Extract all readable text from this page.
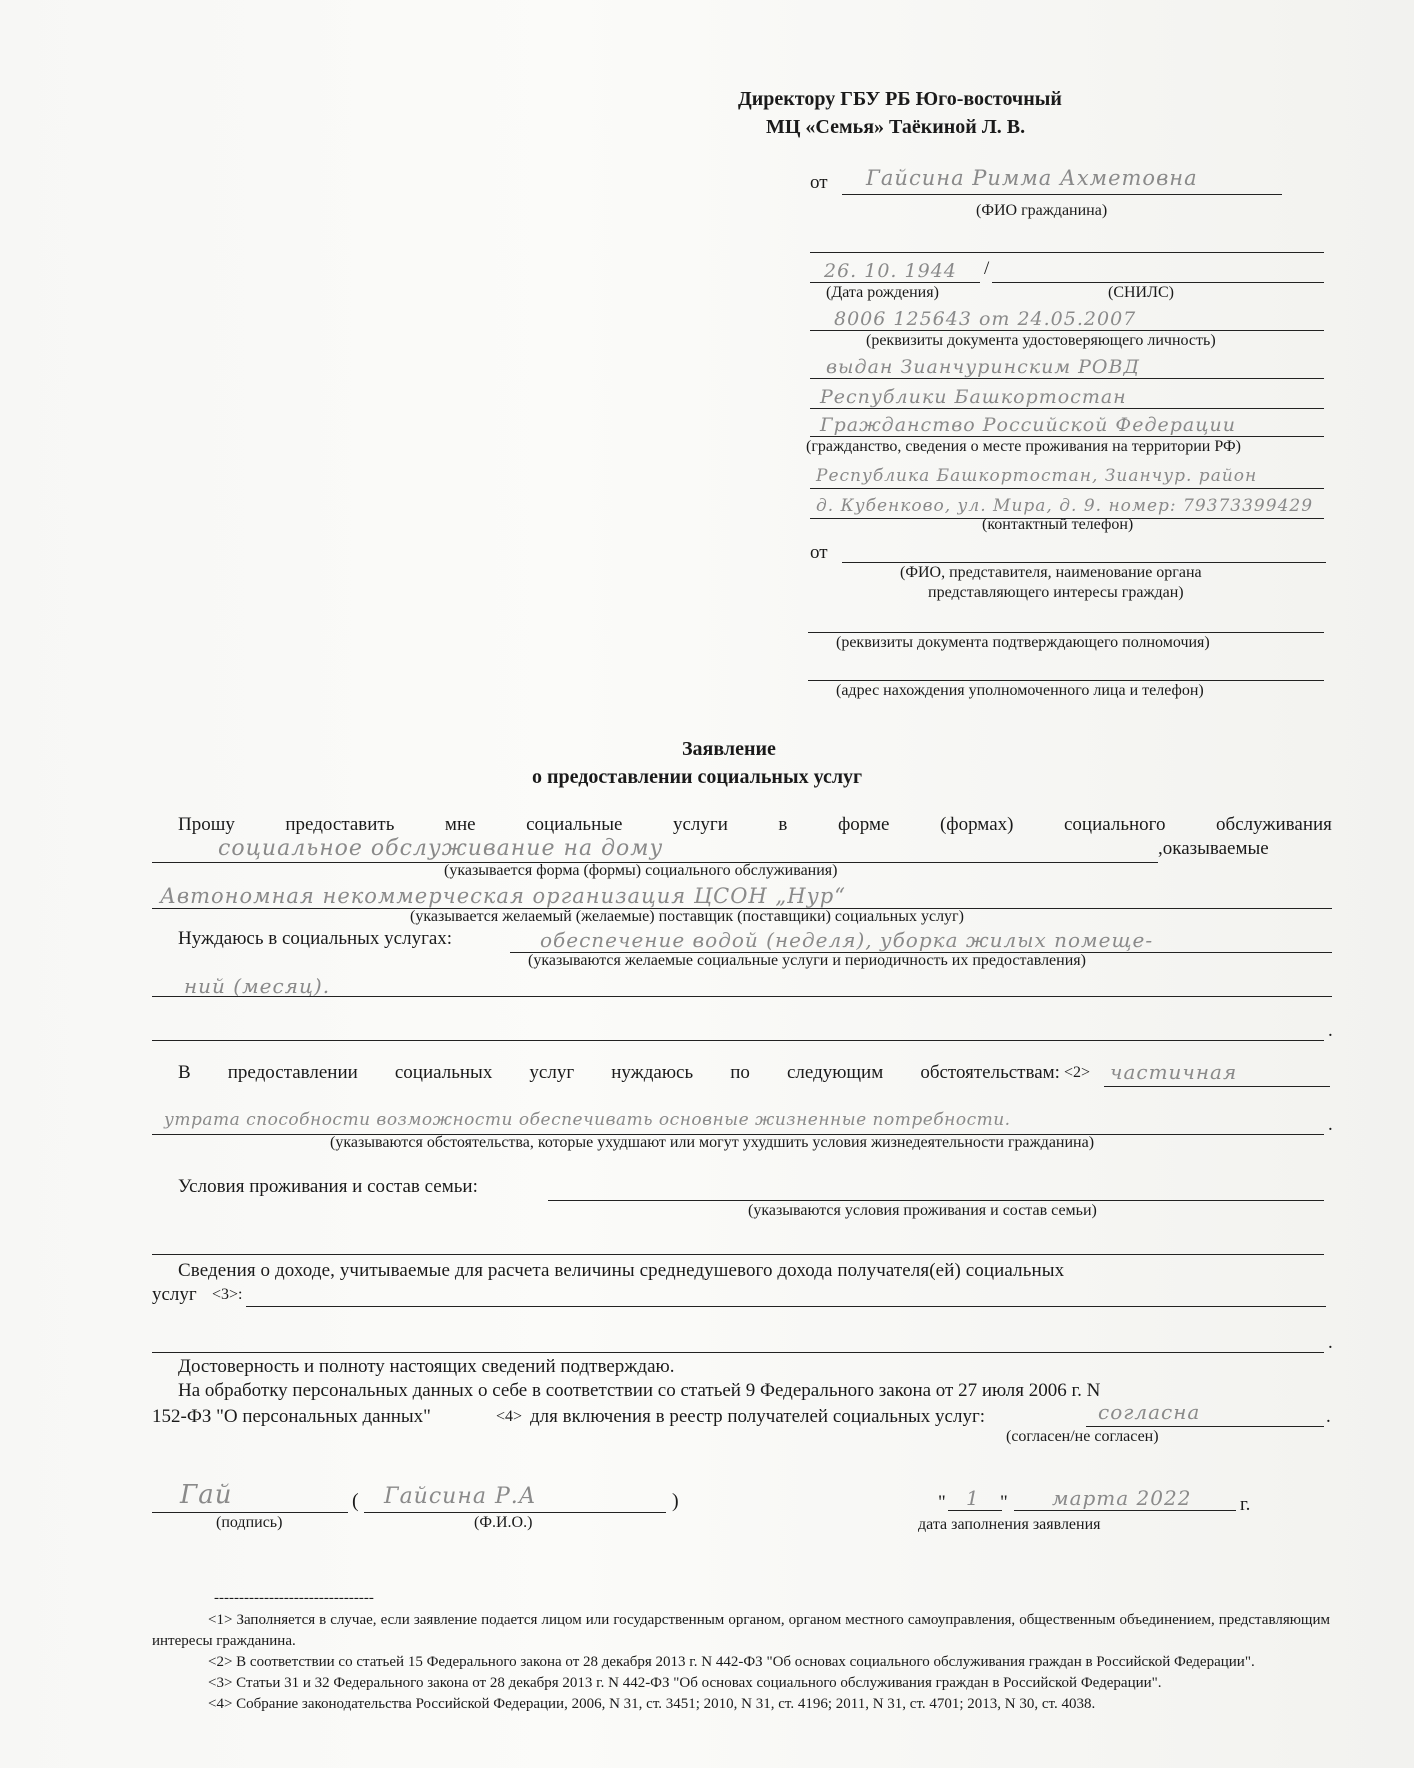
Директору ГБУ РБ Юго-восточный
МЦ «Семья» Таёкиной Л. В.
от Гайсина Римма Ахметовна
(ФИО гражданина)
26. 10. 1944 /
(Дата рождения)	(СНИЛС)
8006 125643 от 24.05.2007
(реквизиты документа удостоверяющего личность)
выдан Зианчуринским РОВД
Республики Башкортостан
Гражданство Российской Федерации
(гражданство, сведения о месте проживания на территории РФ)
Республика Башкортостан, Зианчур. район
д. Кубенково, ул. Мира, д. 9. номер: 79373399429
(контактный телефон)
от
(ФИО, представителя, наименование органа
представляющего интересы граждан)
(реквизиты документа подтверждающего полномочия)
(адрес нахождения уполномоченного лица и телефон)
Заявление
о предоставлении социальных услуг
Прошу	предоставить	мне	социальные	услуги	в	форме	(формах)	социального	обслуживания
социальное обслуживание на дому	,оказываемые
(указывается форма (формы) социального обслуживания)
Автономная некоммерческая организация ЦСОН „Нур“
(указывается желаемый (желаемые) поставщик (поставщики) социальных услуг)
Нуждаюсь в социальных услугах:	обеспечение водой (неделя), уборка жилых помеще-
(указываются желаемые социальные услуги и периодичность их предоставления)
ний (месяц).
.
В предоставлении социальных услуг нуждаюсь по следующим обстоятельствам: <2> частичная
утрата способности возможности обеспечивать основные жизненные потребности.	.
(указываются обстоятельства, которые ухудшают или могут ухудшить условия жизнедеятельности гражданина)
Условия проживания и состав семьи:
(указываются условия проживания и состав семьи)
Сведения о доходе, учитываемые для расчета величины среднедушевого дохода получателя(ей) социальных
услуг <3>:
.
Достоверность и полноту настоящих сведений подтверждаю.
На обработку персональных данных о себе в соответствии со статьей 9 Федерального закона от 27 июля 2006 г. N
152-ФЗ "О персональных данных"	<4> для включения в реестр получателей социальных услуг:	согласна	.
(согласен/не согласен)
Гай
(подпись)
( Гайсина Р.А	)
(Ф.И.О.)
" 1 " марта 2022	г.
дата заполнения заявления
--------------------------------

<1> Заполняется в случае, если заявление подается лицом или государственным органом, органом местного самоуправления, общественным объединением, представляющим интересы гражданина.

<2> В соответствии со статьей 15 Федерального закона от 28 декабря 2013 г. N 442-ФЗ "Об основах социального обслуживания граждан в Российской Федерации".

<3> Статьи 31 и 32 Федерального закона от 28 декабря 2013 г. N 442-ФЗ "Об основах социального обслуживания граждан в Российской Федерации".

<4> Собрание законодательства Российской Федерации, 2006, N 31, ст. 3451; 2010, N 31, ст. 4196; 2011, N 31, ст. 4701; 2013, N 30, ст. 4038.
